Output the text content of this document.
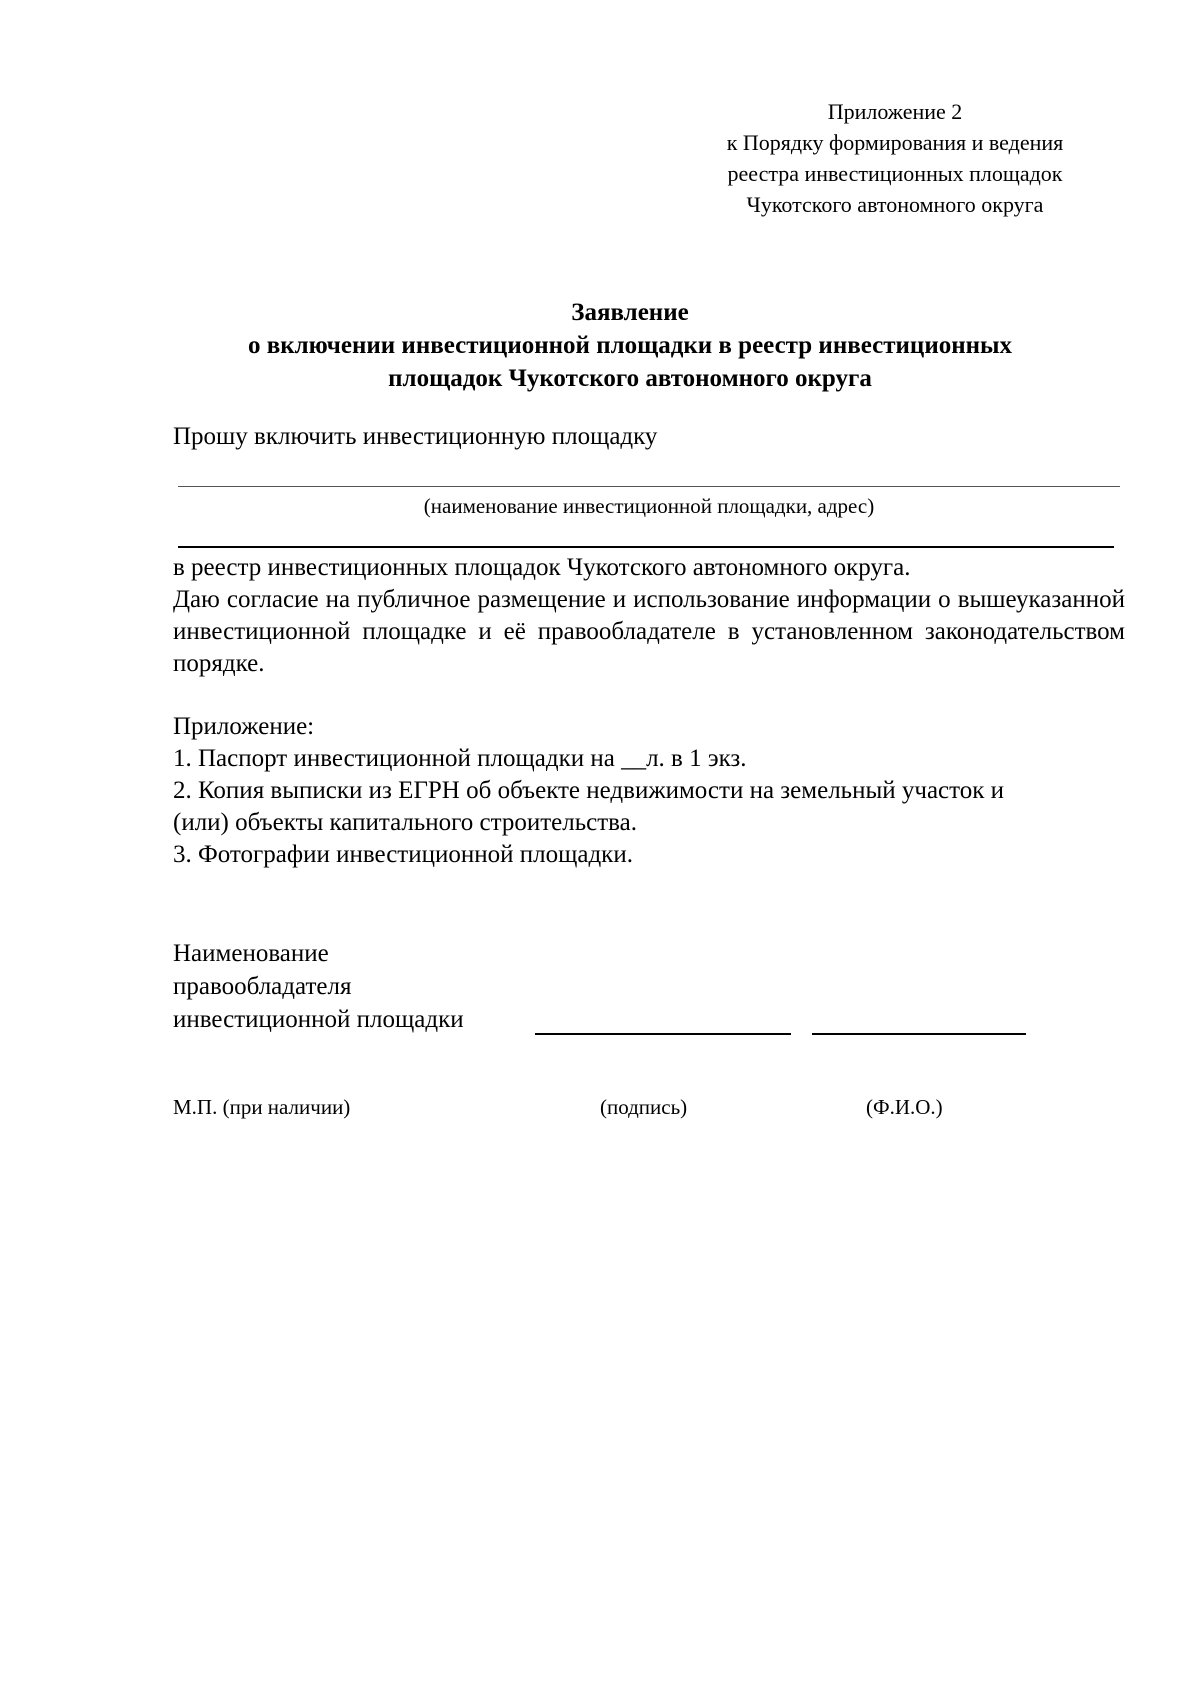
Приложение 2
к Порядку формирования и ведения
реестра инвестиционных площадок
Чукотского автономного округа
Заявление
о включении инвестиционной площадки в реестр инвестиционных
площадок Чукотского автономного округа
Прошу включить инвестиционную площадку
(наименование инвестиционной площадки, адрес)
в реестр инвестиционных площадок Чукотского автономного округа.
Даю согласие на публичное размещение и использование информации о вышеуказанной инвестиционной площадке и её правообладателе в установленном законодательством порядке.
Приложение:
1. Паспорт инвестиционной площадки на __л. в 1 экз.
2. Копия выписки из ЕГРН об объекте недвижимости на земельный участок и
(или) объекты капитального строительства.
3. Фотографии инвестиционной площадки.
Наименование
правообладателя
инвестиционной площадки
М.П. (при наличии)	(подпись)	(Ф.И.О.)
